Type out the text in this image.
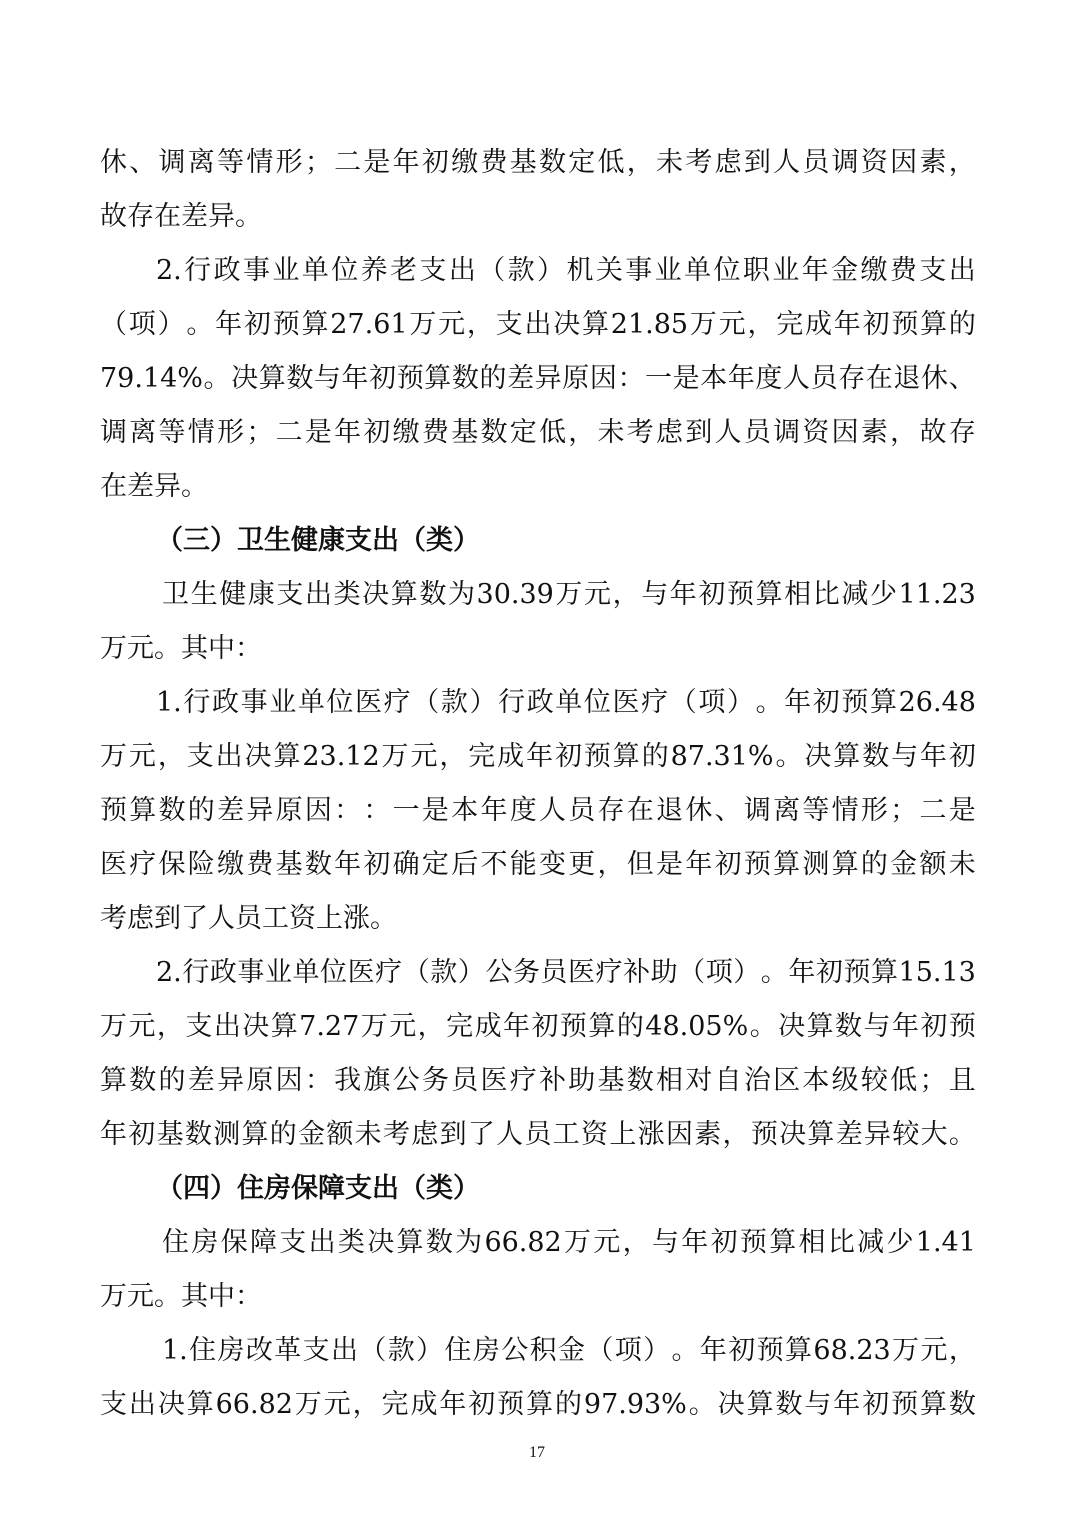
休 、 调 离 等 情 形 ； 二 是 年 初 缴 费 基 数 定 低 ， 未 考 虑 到 人 员 调 资 因 素 ，
故存在差异。
2. 行 政 事 业 单 位 养 老 支 出 （ 款 ） 机 关 事 业 单 位 职 业 年 金 缴 费 支 出
（ 项 ） 。 年 初 预 算 27.61 万 元 ， 支 出 决 算 21.85 万 元 ， 完 成 年 初 预 算 的
79.14% 。 决 算 数 与 年 初 预 算 数 的 差 异 原 因 ： 一 是 本 年 度 人 员 存 在 退 休 、
调 离 等 情 形 ； 二 是 年 初 缴 费 基 数 定 低 ， 未 考 虑 到 人 员 调 资 因 素 ， 故 存
在差异。
（三）卫生健康支出（类）
卫 生 健 康 支 出 类 决 算 数 为 30.39 万 元 ， 与 年 初 预 算 相 比 减 少 11.23
万元。其中：
1. 行 政 事 业 单 位 医 疗 （ 款 ） 行 政 单 位 医 疗 （ 项 ） 。 年 初 预 算 26.48
万 元 ， 支 出 决 算 23.12 万 元 ， 完 成 年 初 预 算 的 87.31% 。 决 算 数 与 年 初
预 算 数 的 差 异 原 因 ： ： 一 是 本 年 度 人 员 存 在 退 休 、 调 离 等 情 形 ； 二 是
医 疗 保 险 缴 费 基 数 年 初 确 定 后 不 能 变 更 ， 但 是 年 初 预 算 测 算 的 金 额 未
考虑到了人员工资上涨。
2. 行 政 事 业 单 位 医 疗 （ 款 ） 公 务 员 医 疗 补 助 （ 项 ） 。 年 初 预 算 15.13
万 元 ， 支 出 决 算 7.27 万 元 ， 完 成 年 初 预 算 的 48.05% 。 决 算 数 与 年 初 预
算 数 的 差 异 原 因 ： 我 旗 公 务 员 医 疗 补 助 基 数 相 对 自 治 区 本 级 较 低 ； 且
年 初 基 数 测 算 的 金 额 未 考 虑 到 了 人 员 工 资 上 涨 因 素 ， 预 决 算 差 异 较 大 。
（四）住房保障支出（类）
住 房 保 障 支 出 类 决 算 数 为 66.82 万 元 ， 与 年 初 预 算 相 比 减 少 1.41
万元。其中：
1. 住 房 改 革 支 出 （ 款 ） 住 房 公 积 金 （ 项 ） 。 年 初 预 算 68.23 万 元 ，
支 出 决 算 66.82 万 元 ， 完 成 年 初 预 算 的 97.93% 。 决 算 数 与 年 初 预 算 数
17
